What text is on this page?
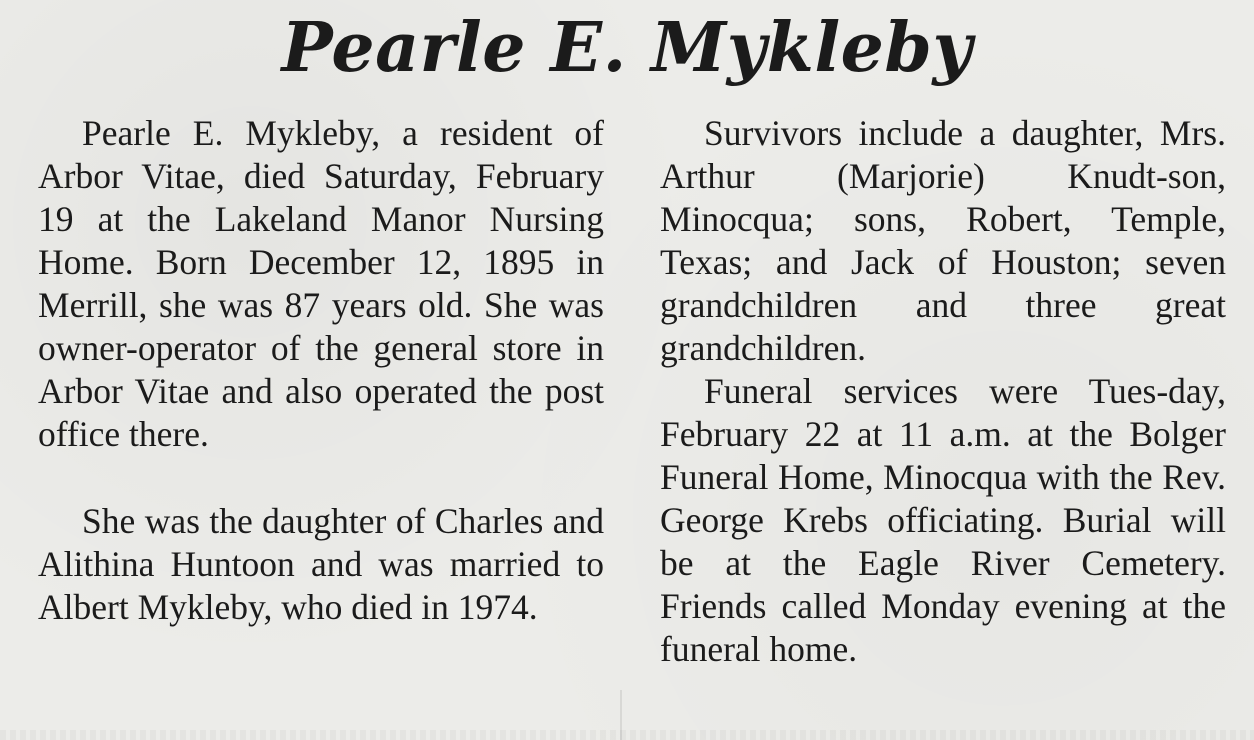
Pearle E. Mykleby

Pearle E. Mykleby, a resident of Arbor Vitae, died Saturday, February 19 at the Lakeland Manor Nursing Home. Born December 12, 1895 in Merrill, she was 87 years old. She was owner-operator of the general store in Arbor Vitae and also operated the post office there.

She was the daughter of Charles and Alithina Huntoon and was married to Albert Mykleby, who died in 1974.

Survivors include a daughter, Mrs. Arthur (Marjorie) Knudt-son, Minocqua; sons, Robert, Temple, Texas; and Jack of Houston; seven grandchildren and three great grandchildren.

Funeral services were Tues-day, February 22 at 11 a.m. at the Bolger Funeral Home, Minocqua with the Rev. George Krebs officiating. Burial will be at the Eagle River Cemetery. Friends called Monday evening at the funeral home.
